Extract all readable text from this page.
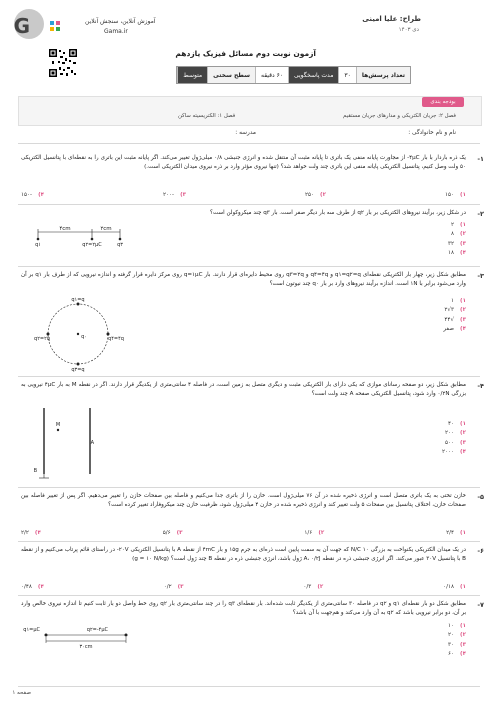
طراح: علیا امینی
دی ۱۴۰۳
G	آموزش آنلاین، سنجش آنلاین
Gama.ir
آزمون نوبت دوم مسائل فیزیک یازدهم
تعداد پرسش‌ها
۳۰
مدت پاسخگویی
۶۰ دقیقه
سطح سختی
متوسط
بودجه بندی
فصل ۲: جریان الکتریکی و مدارهای جریان مستقیم
فصل ۱: الکتریسیته ساکن
نام و نام خانوادگی :
مدرسه :
۱-
یک ذره باردار با بار ۴μC- از مجاورت پایانه منفی یک باتری تا پایانه مثبت آن منتقل شده و انرژی جنبشی ۰/۸ میلی‌ژول تغییر می‌کند. اگر پایانه مثبت این باتری را به نقطه‌ای با پتانسیل الکتریکی ۵۰ ولت وصل کنیم، پتانسیل الکتریکی پایانه منفی این باتری چند ولت خواهد شد؟ (تنها نیروی مؤثر وارد بر ذره نیروی میدان الکتریکی است.)
۱)۱۵۰
۲)۲۵۰
۳)-۲۰۰
۴)-۱۵۰
۲-
در شکل زیر، برآیند نیروهای الکتریکی بر بار q۲ از طرف سه بار دیگر صفر است. بار q۳ چند میکروکولن است؟
۴cm	۲cm
q۱	q۲=۲μC	q۳
۱)۲
۲)۸
۳)۳۲
۴)۱۸
۳-
مطابق شکل زیر، چهار بار الکتریکی نقطه‌ای q۱=q۲=q و q۴=۴q و q۳=۲q روی محیط دایره‌ای قرار دارند. بار q=۱μC روی مرکز دایره قرار گرفته و اندازه نیرویی که از طرف بار q۱ بر آن وارد می‌شود برابر با ۱N است. اندازه برآیند نیروهای وارد بر بار q۰ چند نیوتون است؟
q۱=q
q۲=۲q	q۴=۴q
q۳=q
q۰
۱)۱
۲)۳√۲
۳)√۴۴
۴)صفر
۴-
مطابق شکل زیر، دو صفحه رسانای موازی که یکی دارای بار الکتریکی مثبت و دیگری متصل به زمین است، در فاصله ۴ سانتی‌متری از یکدیگر قرار دارند. اگر در نقطه M به بار ۴μC نیرویی به بزرگی ۰/۲N وارد شود، پتانسیل الکتریکی صفحه A چند ولت است؟
M
A
B
۱)۴۰
۲)۲۰۰
۳)۵۰۰
۴)۲۰۰۰
۵-
خازن تختی به یک باتری متصل است و انرژی ذخیره شده در آن ۷۶ میلی‌ژول است. خازن را از باتری جدا می‌کنیم و فاصله بین صفحات خازن را تغییر می‌دهیم. اگر پس از تغییر فاصله بین صفحات خازن، اختلاف پتانسیل بین صفحات ۵ ولت تغییر کند و انرژی ذخیره شده در خازن ۴ میلی‌ژول شود، ظرفیت خازن چند میکروفاراد تغییر کرده است؟
۱)۲/۴
۲)۱/۶
۳)۵/۶
۴)۲/۲
۶-
در یک میدان الکتریکی یکنواخت به بزرگی ۱۰ N/C که جهت آن به سمت پایین است ذره‌ای به جرم ۱۵g و بار ۴mC از نقطه A با پتانسیل الکتریکی ۲۰V- در راستای قائم پرتاب می‌کنیم و از نقطه B با پتانسیل ۳۰V عبور می‌کند. اگر انرژی جنبشی ذره در نقطه A، ۰/۲J ژول باشد، انرژی جنبشی ذره در نقطه B چند ژول است؟ (g = ۱۰ N/kg)
۱)۰/۱۸
۲)۰/۳
۳)۰/۲
۴)۰/۴۸
۷-
مطابق شکل دو بار نقطه‌ای q۱ و q۲ در فاصله ۳۰ سانتی‌متری از یکدیگر ثابت شده‌اند. بار نقطه‌ای q۳ را در چند سانتی‌متری بار q۲ روی خط واصل دو بار ثابت کنیم تا اندازه نیروی خالص وارد بر آن، دو برابر نیرویی باشد که q۲ به آن وارد می‌کند و هم‌جهت با آن باشد؟
q۱=μC	q۲=-۴μC
۳۰cm
۱)۱۰
۲)۲۰
۳)۳۰
۴)۶۰
صفحه ۱
